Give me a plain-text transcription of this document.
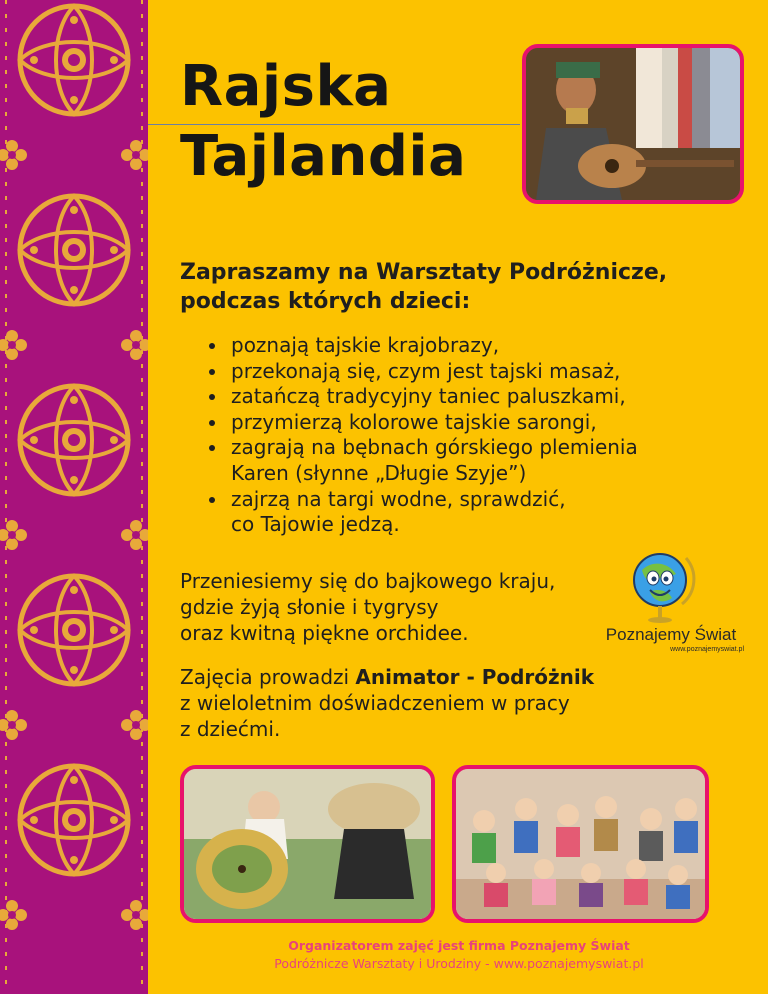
Rajska
Tajlandia
Zapraszamy na Warsztaty Podróżnicze,
podczas których dzieci:
poznają tajskie krajobrazy,
przekonają się, czym jest tajski masaż,
zatańczą tradycyjny taniec paluszkami,
przymierzą kolorowe tajskie sarongi,
zagrają na bębnach górskiego plemienia
Karen (słynne „Długie Szyje”)
zajrzą na targi wodne, sprawdzić,
co Tajowie jedzą.

Przeniesiemy się do bajkowego kraju,
gdzie żyją słonie i tygrysy
oraz kwitną piękne orchidee.	Poznajemy Świat
www.poznajemyswiat.pl

Zajęcia prowadzi Animator - Podróżnik
z wieloletnim doświadczeniem w pracy
z dziećmi.

Organizatorem zajęć jest firma Poznajemy Świat
Podróżnicze Warsztaty i Urodziny - www.poznajemyswiat.pl
